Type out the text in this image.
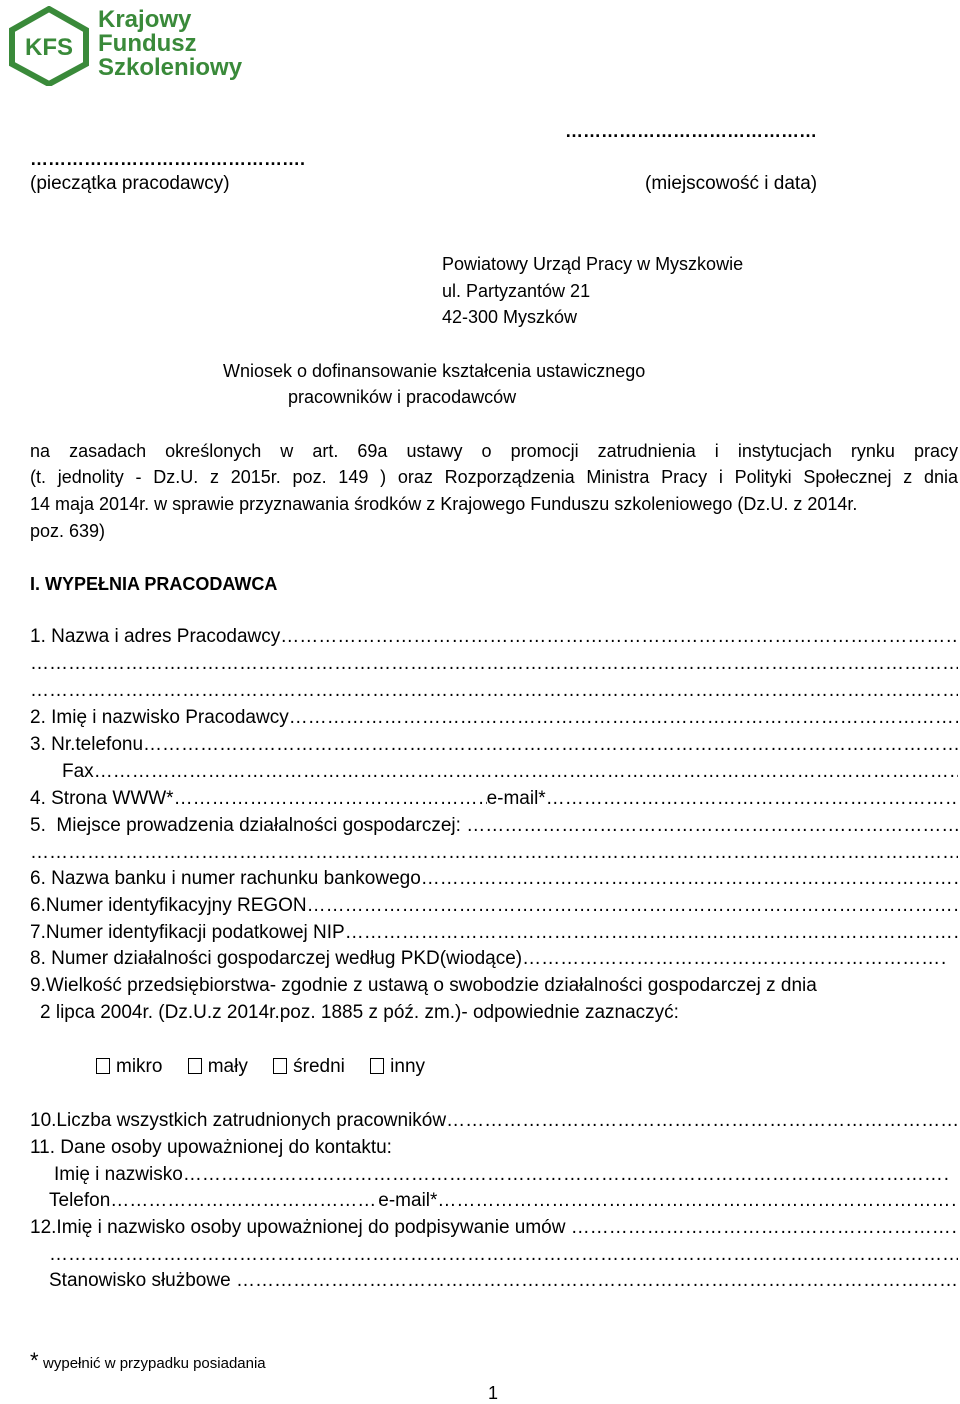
KFS
Krajowy
Fundusz
Szkoleniowy
……………………………………
……………………………………….
(pieczątka pracodawcy)	(miejscowość i data)
Powiatowy Urząd Pracy w Myszkowie
ul. Partyzantów 21
42-300 Myszków
Wniosek o dofinansowanie kształcenia ustawicznego
pracowników i pracodawców
na zasadach określonych w art. 69a ustawy o promocji zatrudnienia i instytucjach rynku pracy
(t. jednolity - Dz.U. z 2015r. poz. 149 ) oraz Rozporządzenia Ministra Pracy i Polityki Społecznej z dnia
14 maja 2014r. w sprawie przyznawania środków z Krajowego Funduszu szkoleniowego (Dz.U. z 2014r.
poz. 639)
I. WYPEŁNIA PRACODAWCA
1. Nazwa i adres Pracodawcy
……………………………………………………………………………………………………………………………………………………………………………………………………………………………………………………………………
……………………………………………………………………………………………………………………………………………………………………………………………………………………………………………………………………
……………………………………………………………………………………………………………………………………………………………………………………………………………………………………………………………………
2. Imię i nazwisko Pracodawcy
……………………………………………………………………………………………………………………………………………………………………………………………………………………………………………………………………
3. Nr.telefonu
……………………………………………………………………………………………………………………………………………………………………………………………………………………………………………………………………
Fax
……………………………………………………………………………………………………………………………………………………………………………………………………………………………………………………………………
4. Strona WWW* ……………………………………………………………………………………………………………………………………………………………………………………………………………………………………………………………………	e-mail*
……………………………………………………………………………………………………………………………………………………………………………………………………………………………………………………………………
5.  Miejsce prowadzenia działalności gospodarczej:
……………………………………………………………………………………………………………………………………………………………………………………………………………………………………………………………………
……………………………………………………………………………………………………………………………………………………………………………………………………………………………………………………………………
6. Nazwa banku i numer rachunku bankowego
……………………………………………………………………………………………………………………………………………………………………………………………………………………………………………………………………
6.Numer identyfikacyjny REGON
……………………………………………………………………………………………………………………………………………………………………………………………………………………………………………………………………
7.Numer identyfikacji podatkowej NIP
……………………………………………………………………………………………………………………………………………………………………………………………………………………………………………………………………
8. Numer działalności gospodarczej według PKD(wiodące)
……………………………………………………………………………………………………………………………………………………………………………………………………………………………………………………………………
9.Wielkość przedsiębiorstwa- zgodnie z ustawą o swobodzie działalności gospodarczej z dnia
2 lipca 2004r. (Dz.U.z 2014r.poz. 1885 z póź. zm.)- odpowiednie zaznaczyć:
mikro mały średni inny
10.Liczba wszystkich zatrudnionych pracowników
……………………………………………………………………………………………………………………………………………………………………………………………………………………………………………………………………
11. Dane osoby upoważnionej do kontaktu:
Imię i nazwisko
……………………………………………………………………………………………………………………………………………………………………………………………………………………………………………………………………
Telefon ……………………………………………………………………………………………………………………………………………………………………………………………………………………………………………………………………	e-mail*
……………………………………………………………………………………………………………………………………………………………………………………………………………………………………………………………………
12.Imię i nazwisko osoby upoważnionej do podpisywanie umów
……………………………………………………………………………………………………………………………………………………………………………………………………………………………………………………………………
……………………………………………………………………………………………………………………………………………………………………………………………………………………………………………………………………
Stanowisko służbowe
……………………………………………………………………………………………………………………………………………………………………………………………………………………………………………………………………
* wypełnić w przypadku posiadania
1
